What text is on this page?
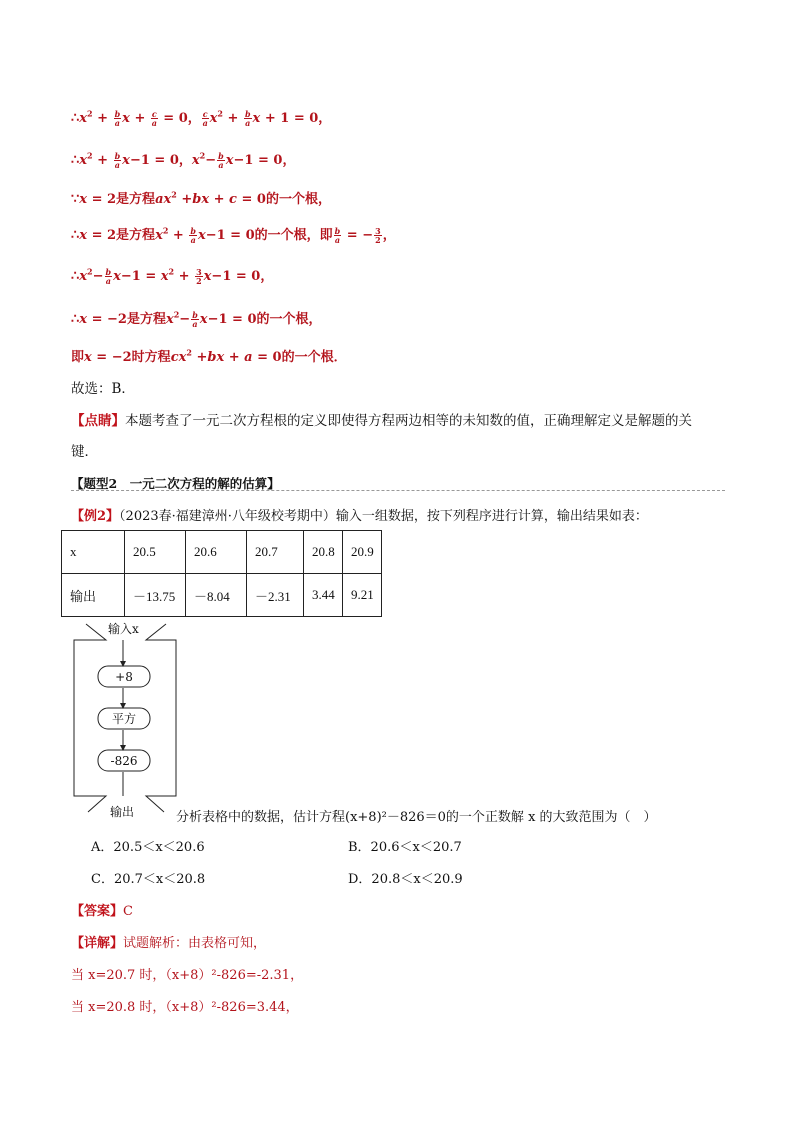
$\therefore x^2 + \frac{b}{a}$ $x + \frac{c}{a} = 0$， $\frac{c}{a} x^2 + \frac{b}{a}$ x + 1 = 0，
$\therefore x^2 + \frac{b}{a} x-1 = 0$，$x^2- \frac{b}{a} x-1 = 0$，
∵x = 2是方程$ax^2 +bx + c = 0$的一个根，
∴x = 2是方程$x^2 + \frac{b}{a} x-1 = 0$的一个根，即 $\frac{b}{a}$ = − $\frac{3}{2}$ ，
$\therefore x^2- \frac{b}{a} x-1 = x^2 + \frac{3}{2} x-1 = 0$，
∴x = −2是方程$x^2- \frac{b}{a} x-1 = 0$的一个根，
即x = −2时方程$cx^2 +bx + a = 0$的一个根．
故选：B．
【点睛】本题考查了一元二次方程根的定义即使得方程两边相等的未知数的值，正确理解定义是解题的关
键．
【题型2　一元二次方程的解的估算】
【例2】（2023春·福建漳州·八年级校考期中）输入一组数据，按下列程序进行计算，输出结果如表：
x	20.5	20.6	20.7	20.8	20.9
输出	－13.75	－8.04	－2.31	3.44	9.21
输入x
+8
平方
-826
输出	分析表格中的数据，估计方程(x+8)²－826＝0的一个正数解 x 的大致范围为（　）
A．20.5＜x＜20.6	B．20.6＜x＜20.7
C．20.7＜x＜20.8	D．20.8＜x＜20.9
【答案】C
【详解】试题解析：由表格可知，
当 x=20.7 时，（x+8）²-826=-2.31，
当 x=20.8 时，（x+8）²-826=3.44，
